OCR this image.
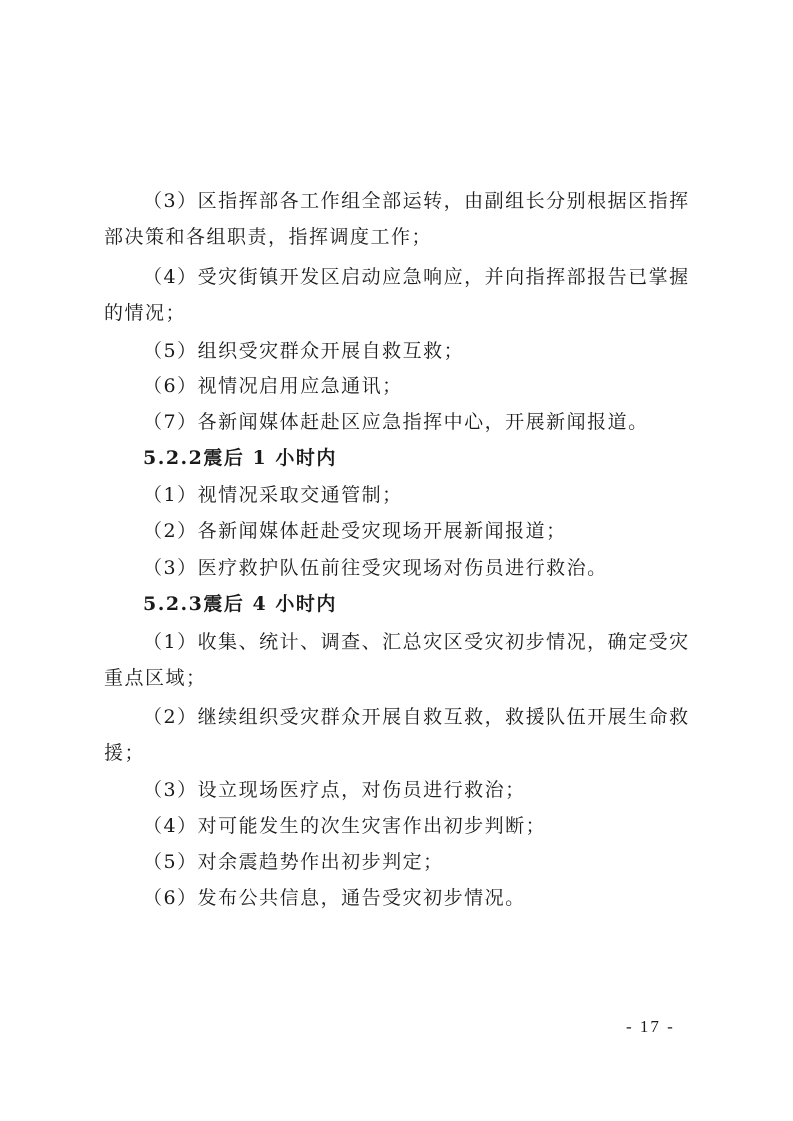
（3）区指挥部各工作组全部运转，由副组长分别根据区指挥
部决策和各组职责，指挥调度工作；
（4）受灾街镇开发区启动应急响应，并向指挥部报告已掌握
的情况；
（5）组织受灾群众开展自救互救；
（6）视情况启用应急通讯；
（7）各新闻媒体赶赴区应急指挥中心，开展新闻报道。
5.2.2震后 1 小时内
（1）视情况采取交通管制；
（2）各新闻媒体赶赴受灾现场开展新闻报道；
（3）医疗救护队伍前往受灾现场对伤员进行救治。
5.2.3震后 4 小时内
（1）收集、统计、调查、汇总灾区受灾初步情况，确定受灾
重点区域；
（2）继续组织受灾群众开展自救互救，救援队伍开展生命救
援；
（3）设立现场医疗点，对伤员进行救治；
（4）对可能发生的次生灾害作出初步判断；
（5）对余震趋势作出初步判定；
（6）发布公共信息，通告受灾初步情况。
- 17 -
